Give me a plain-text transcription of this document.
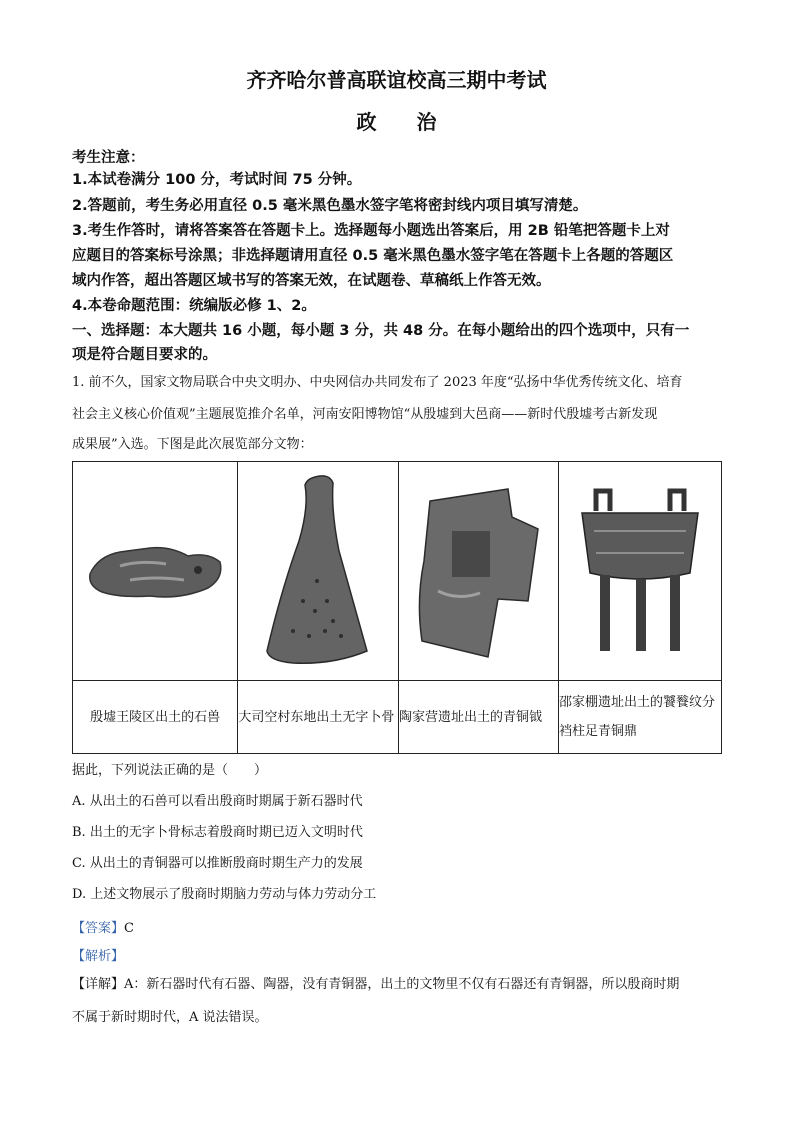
齐齐哈尔普高联谊校高三期中考试
政　　治
考生注意：
1.本试卷满分 100 分，考试时间 75 分钟。
2.答题前，考生务必用直径 0.5 毫米黑色墨水签字笔将密封线内项目填写清楚。
3.考生作答时，请将答案答在答题卡上。选择题每小题选出答案后，用 2B 铅笔把答题卡上对
应题目的答案标号涂黑；非选择题请用直径 0.5 毫米黑色墨水签字笔在答题卡上各题的答题区
域内作答，超出答题区域书写的答案无效，在试题卷、草稿纸上作答无效。
4.本卷命题范围：统编版必修 1、2。
一、选择题：本大题共 16 小题，每小题 3 分，共 48 分。在每小题给出的四个选项中，只有一
项是符合题目要求的。
1. 前不久，国家文物局联合中央文明办、中央网信办共同发布了 2023 年度“弘扬中华优秀传统文化、培育
社会主义核心价值观”主题展览推介名单，河南安阳博物馆“从殷墟到大邑商——新时代殷墟考古新发现
成果展”入选。下图是此次展览部分文物：

殷墟王陵区出土的石兽	大司空村东地出土无字卜骨	陶家营遗址出土的青铜钺	邵家棚遗址出土的饕餮纹分裆柱足青铜鼎
据此，下列说法正确的是（　　）
A. 从出土的石兽可以看出殷商时期属于新石器时代
B. 出土的无字卜骨标志着殷商时期已迈入文明时代
C. 从出土的青铜器可以推断殷商时期生产力的发展
D. 上述文物展示了殷商时期脑力劳动与体力劳动分工
【答案】C
【解析】
【详解】A：新石器时代有石器、陶器，没有青铜器，出土的文物里不仅有石器还有青铜器，所以殷商时期
不属于新时期时代，A 说法错误。
